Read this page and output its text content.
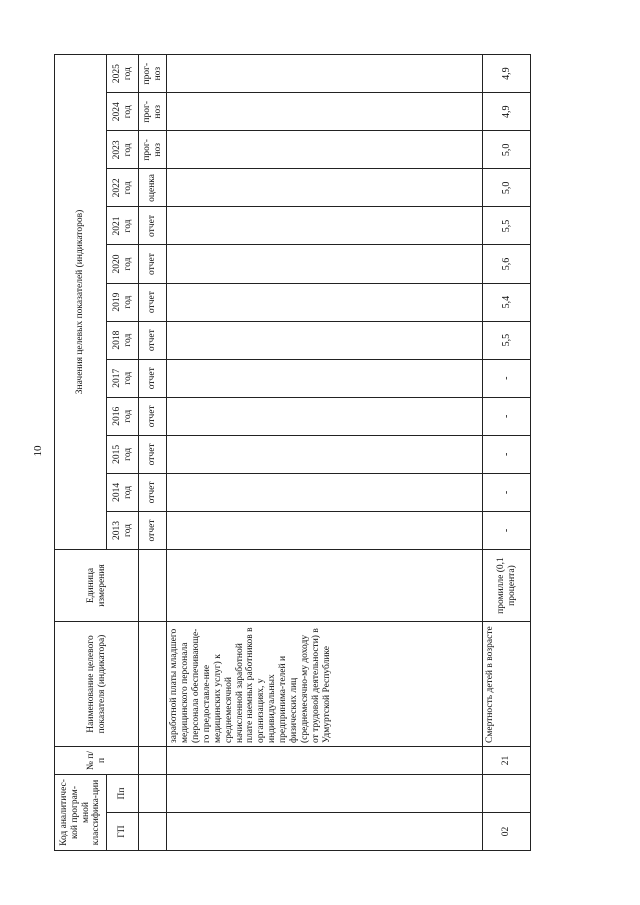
10
Код аналитичес-кой програм-мной классифика-ции		№ п/п	Наименование целевого показателя (индикатора)	Единица измерения	Значения целевых показателей (индикаторов)												
ГП	Пп				2013 год	2014 год	2015 год	2016 год	2017 год	2018 год	2019 год	2020 год	2021 год	2022 год	2023 год	2024 год	2025 год
					отчет	отчет	отчет	отчет	отчет	отчет	отчет	отчет	отчет	оценка	прог-ноз	прог-ноз	прог-ноз
			заработной платы младшего медицинского персонала (персонала обеспечивающе-го предоставле-ние медицинских услуг) к среднемесячной начисленной заработной плате наемных работников в организациях, у индивидуальных предпринима-телей и физических лиц (среднемесячно-му доходу от трудовой деятельности) в Удмуртской Республике														
02		21	Смертность детей в возрасте	промилле (0,1 процента)	-	-	-	-	-	5,5	5,4	5,6	5,5	5,0	5,0	4,9	4,9
